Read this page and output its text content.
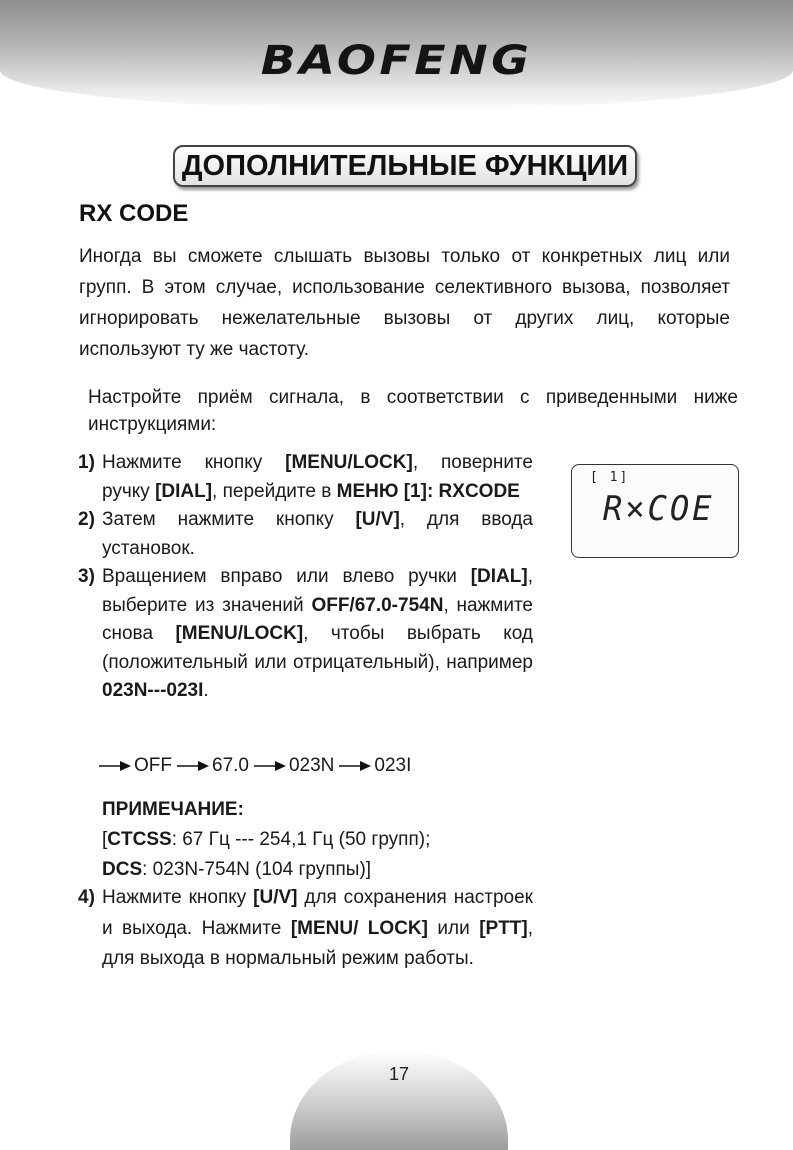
BAOFENG
ДОПОЛНИТЕЛЬНЫЕ ФУНКЦИИ
RX CODE
Иногда вы сможете слышать вызовы только от конкретных лиц или групп. В этом случае, использование селективного вызова, позволяет игнорировать нежелательные вызовы от других лиц, которые используют ту же частоту.
Настройте приём сигнала, в соответствии с приведенными ниже инструкциями:
1) Нажмите кнопку [MENU/LOCK], поверните ручку [DIAL], перейдите в МЕНЮ [1]: RXCODE
2) Затем нажмите кнопку [U/V], для ввода установок.
3) Вращением вправо или влево ручки [DIAL], выберите из значений OFF/67.0-754N, нажмите снова [MENU/LOCK], чтобы выбрать код (положительный или отрицательный), например 023N---023I.
[ 1]
R×COE
OFF 67.0 023N 023I
ПРИМЕЧАНИЕ:
[CTCSS: 67 Гц --- 254,1 Гц (50 групп);
DCS: 023N-754N (104 группы)]
4) Нажмите кнопку [U/V] для сохранения настроек и выхода. Нажмите [MENU/ LOCK] или [PTT], для выхода в нормальный режим работы.
17
